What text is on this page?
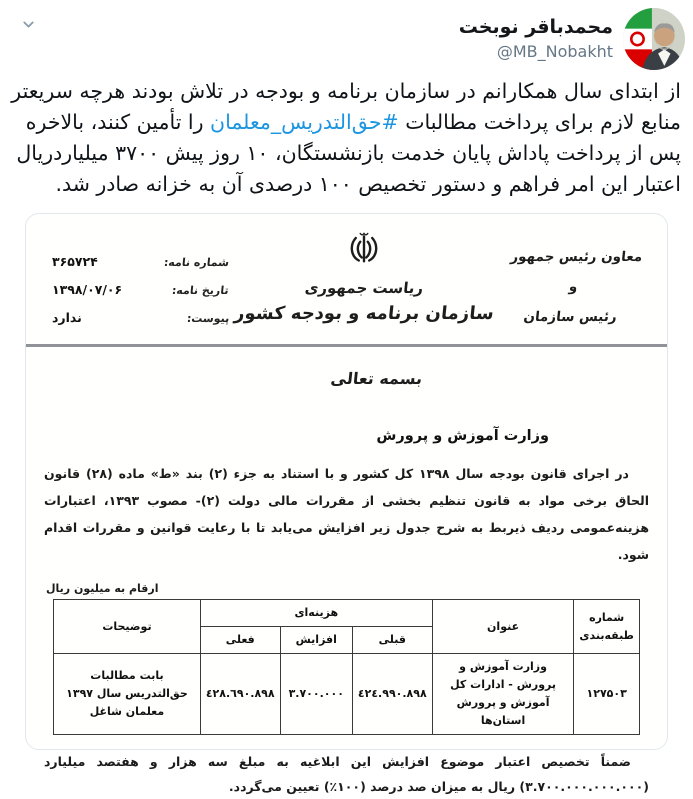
محمدباقر نوبخت
@MB_Nobakht
از ابتدای سال همکارانم در سازمان برنامه و بودجه در تلاش بودند هرچه سریعتر منابع لازم برای پرداخت مطالبات #حق‌التدریس_معلمان را تأمین کنند، بالاخره پس از پرداخت پاداش پایان خدمت بازنشستگان، ۱۰ روز پیش ۳۷۰۰ میلیاردریال اعتبار این امر فراهم و دستور تخصیص ۱۰۰ درصدی آن به خزانه صادر شد.
معاون رئیس جمهور
و
رئیس سازمان
ریاست جمهوری
سازمان برنامه و بودجه کشور
شماره نامه:
۳۶۵۷۲۴
تاریخ نامه:
۱۳۹۸/۰۷/۰۶
پیوست:
ندارد
بسمه تعالی
وزارت آموزش و پرورش
در اجرای قانون بودجه سال ۱۳۹۸ کل کشور و با استناد به جزء (۲) بند «ط» ماده (۲۸) قانون الحاق برخی مواد به قانون تنظیم بخشی از مقررات مالی دولت (۲)- مصوب ۱۳۹۳، اعتبارات هزینه‌عمومی ردیف ذیربط به شرح جدول زیر افزایش می‌یابد تا با رعایت قوانین و مقررات اقدام شود.
ارقام به میلیون ریال
شماره طبقه‌بندی	عنوان	هزینه‌ای			توضیحات
		قبلی	افزایش	فعلی	
۱۲۷۵۰۳	وزارت آموزش و پرورش - ادارات کل آموزش و پرورش استان‌ها	٤٢٤.٩٩٠.٨٩٨	٣.٧٠٠.٠٠٠	٤٢٨.٦٩٠.٨٩٨	بابت مطالبات حق‌التدریس سال ۱۳۹۷ معلمان شاغل
ضمناً تخصیص اعتبار موضوع افزایش این ابلاغیه به مبلغ سه هزار و هفتصد میلیارد (۳.۷۰۰.۰۰۰.۰۰۰.۰۰۰) ریال به میزان صد درصد (۱۰۰٪) تعیین می‌گردد.
